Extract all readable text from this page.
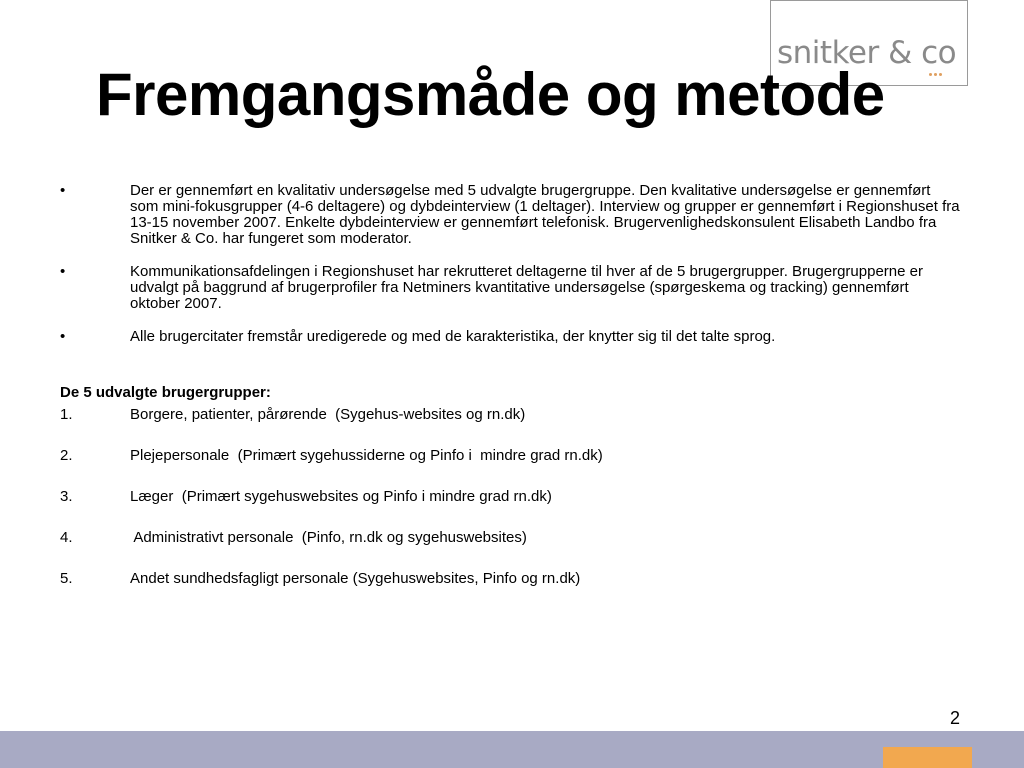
snitker & co
Fremgangsmåde og metode

•	Der er gennemført en kvalitativ undersøgelse med 5 udvalgte brugergruppe. Den kvalitative undersøgelse er gennemført som mini-fokusgrupper (4-6 deltagere) og dybdeinterview (1 deltager). Interview og grupper er gennemført i Regionshuset fra 13-15 november 2007. Enkelte dybdeinterview er gennemført telefonisk. Brugervenlighedskonsulent Elisabeth Landbo fra Snitker & Co. har fungeret som moderator.

•	Kommunikationsafdelingen i Regionshuset har rekrutteret deltagerne til hver af de 5 brugergrupper. Brugergrupperne er udvalgt på baggrund af brugerprofiler fra Netminers kvantitative undersøgelse (spørgeskema og tracking) gennemført oktober 2007.

•	Alle brugercitater fremstår uredigerede og med de karakteristika, der knytter sig til det talte sprog.

De 5 udvalgte brugergrupper:

1.	Borgere, patienter, pårørende  (Sygehus-websites og rn.dk)
2.	Plejepersonale  (Primært sygehussiderne og Pinfo i  mindre grad rn.dk)
3.	Læger  (Primært sygehuswebsites og Pinfo i mindre grad rn.dk)
4.	Administrativt personale  (Pinfo, rn.dk og sygehuswebsites)
5.	Andet sundhedsfagligt personale (Sygehuswebsites, Pinfo og rn.dk)
2
